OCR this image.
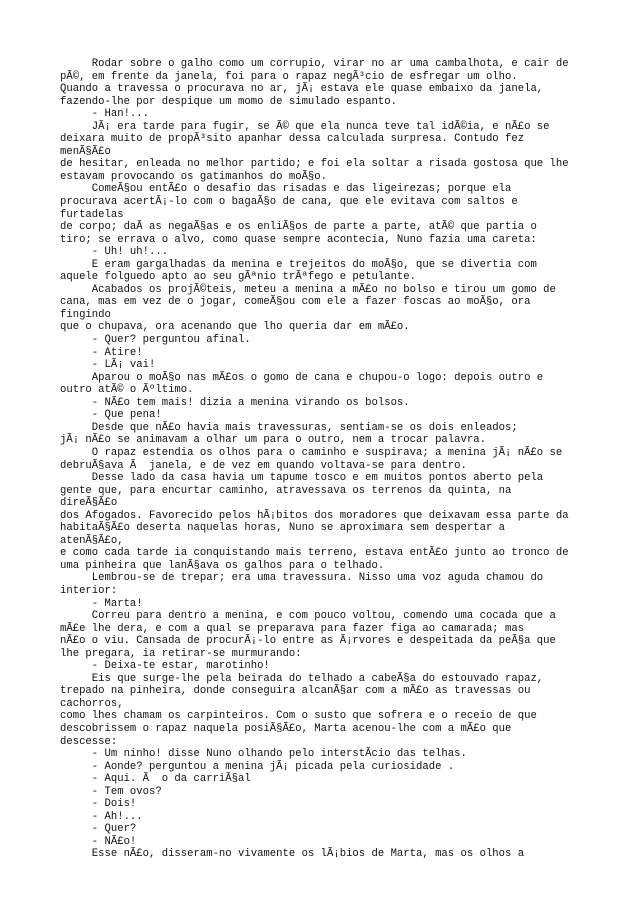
Rodar sobre o galho como um corrupio, virar no ar uma cambalhota, e cair de
pÃ©, em frente da janela, foi para o rapaz negÃ³cio de esfregar um olho.
Quando a travessa o procurava no ar, jÃ¡ estava ele quase embaixo da janela,
fazendo-lhe por despique um momo de simulado espanto.
- Han!...
JÃ¡ era tarde para fugir, se Ã© que ela nunca teve tal idÃ©ia, e nÃ£o se
deixara muito de propÃ³sito apanhar dessa calculada surpresa. Contudo fez
menÃ§Ã£o
de hesitar, enleada no melhor partido; e foi ela soltar a risada gostosa que lhe
estavam provocando os gatimanhos do moÃ§o.
ComeÃ§ou entÃ£o o desafio das risadas e das ligeirezas; porque ela
procurava acertÃ¡-lo com o bagaÃ§o de cana, que ele evitava com saltos e
furtadelas
de corpo; daÃ as negaÃ§as e os enliÃ§os de parte a parte, atÃ© que partia o
tiro; se errava o alvo, como quase sempre acontecia, Nuno fazia uma careta:
- Uh! uh!...
E eram gargalhadas da menina e trejeitos do moÃ§o, que se divertia com
aquele folguedo apto ao seu gÃªnio trÃªfego e petulante.
Acabados os projÃ©teis, meteu a menina a mÃ£o no bolso e tirou um gomo de
cana, mas em vez de o jogar, comeÃ§ou com ele a fazer foscas ao moÃ§o, ora
fingindo
que o chupava, ora acenando que lho queria dar em mÃ£o.
- Quer? perguntou afinal.
- Atire!
- LÃ¡ vai!
Aparou o moÃ§o nas mÃ£os o gomo de cana e chupou-o logo: depois outro e
outro atÃ© o Ãºltimo.
- NÃ£o tem mais! dizia a menina virando os bolsos.
- Que pena!
Desde que nÃ£o havia mais travessuras, sentiam-se os dois enleados;
jÃ¡ nÃ£o se animavam a olhar um para o outro, nem a trocar palavra.
O rapaz estendia os olhos para o caminho e suspirava; a menina jÃ¡ nÃ£o se
debruÃ§ava Ã  janela, e de vez em quando voltava-se para dentro.
Desse lado da casa havia um tapume tosco e em muitos pontos aberto pela
gente que, para encurtar caminho, atravessava os terrenos da quinta, na
direÃ§Ã£o
dos Afogados. Favorecido pelos hÃ¡bitos dos moradores que deixavam essa parte da
habitaÃ§Ã£o deserta naquelas horas, Nuno se aproximara sem despertar a
atenÃ§Ã£o,
e como cada tarde ia conquistando mais terreno, estava entÃ£o junto ao tronco de
uma pinheira que lanÃ§ava os galhos para o telhado.
Lembrou-se de trepar; era uma travessura. Nisso uma voz aguda chamou do
interior:
- Marta!
Correu para dentro a menina, e com pouco voltou, comendo uma cocada que a
mÃ£e lhe dera, e com a qual se preparava para fazer figa ao camarada; mas
nÃ£o o viu. Cansada de procurÃ¡-lo entre as Ã¡rvores e despeitada da peÃ§a que
lhe pregara, ia retirar-se murmurando:
- Deixa-te estar, marotinho!
Eis que surge-lhe pela beirada do telhado a cabeÃ§a do estouvado rapaz,
trepado na pinheira, donde conseguira alcanÃ§ar com a mÃ£o as travessas ou
cachorros,
como lhes chamam os carpinteiros. Com o susto que sofrera e o receio de que
descobrissem o rapaz naquela posiÃ§Ã£o, Marta acenou-lhe com a mÃ£o que
descesse:
- Um ninho! disse Nuno olhando pelo interstÃcio das telhas.
- Aonde? perguntou a menina jÃ¡ picada pela curiosidade .
- Aqui. Ã  o da carriÃ§al
- Tem ovos?
- Dois!
- Ah!...
- Quer?
- NÃ£o!
Esse nÃ£o, disseram-no vivamente os lÃ¡bios de Marta, mas os olhos a
